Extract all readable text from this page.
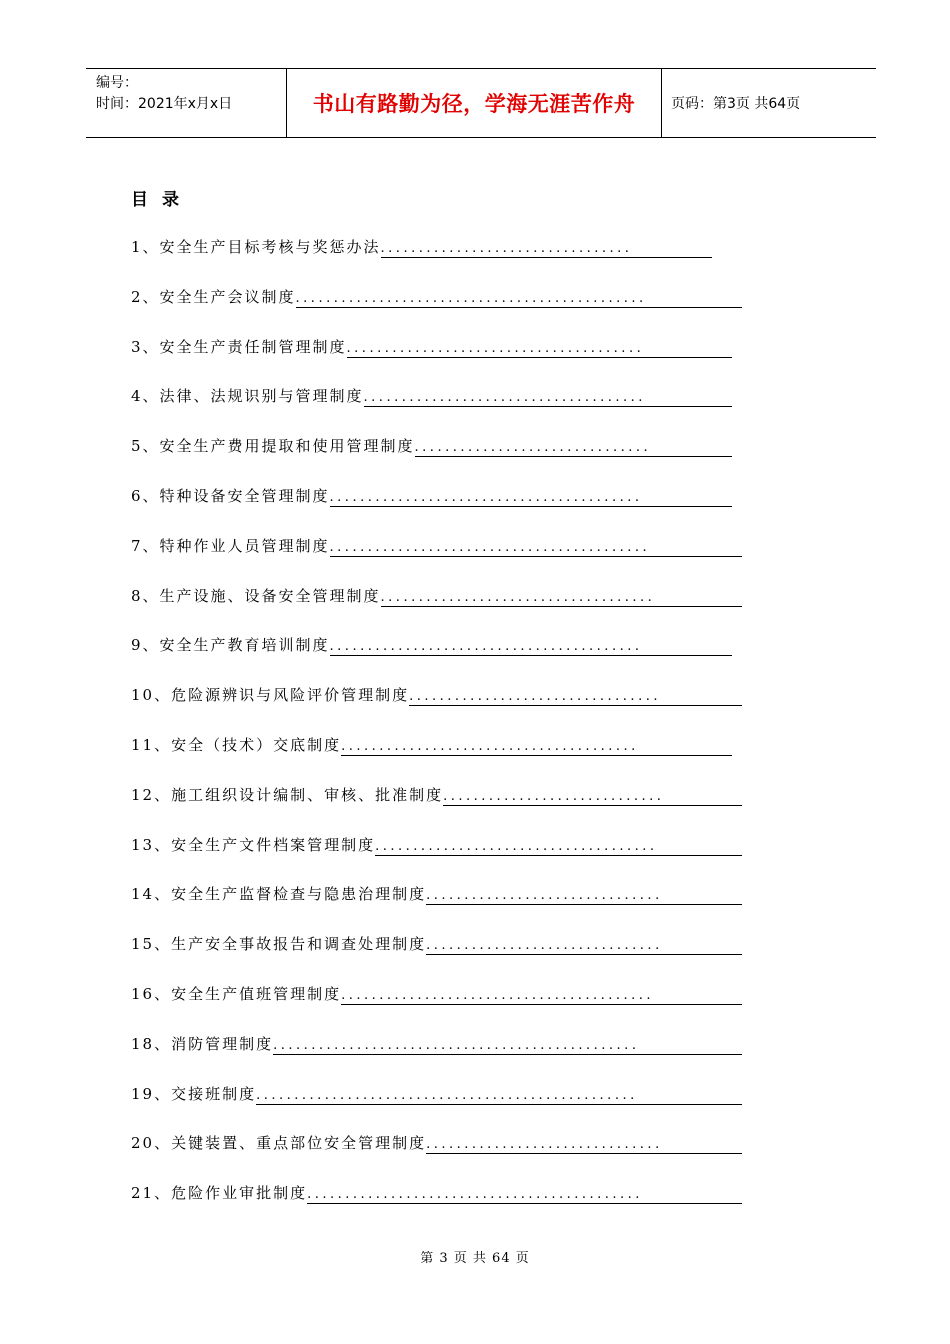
编号：
时间：2021年x月x日	书山有路勤为径，学海无涯苦作舟	页码：第3页 共64页
目录
1、安全生产目标考核与奖惩办法 .................................
2、安全生产会议制度 ..............................................
3、安全生产责任制管理制度 .......................................
4、法律、法规识别与管理制度 .....................................
5、安全生产费用提取和使用管理制度 ...............................
6、特种设备安全管理制度 .........................................
7、特种作业人员管理制度 ..........................................
8、生产设施、设备安全管理制度 ....................................
9、安全生产教育培训制度 .........................................
10、危险源辨识与风险评价管理制度 .................................
11、安全（技术）交底制度 .......................................
12、施工组织设计编制、审核、批准制度 .............................
13、安全生产文件档案管理制度 .....................................
14、安全生产监督检查与隐患治理制度 ...............................
15、生产安全事故报告和调查处理制度 ...............................
16、安全生产值班管理制度 .........................................
18、消防管理制度 ................................................
19、交接班制度 ..................................................
20、关键装置、重点部位安全管理制度 ...............................
21、危险作业审批制度 ............................................
第 3 页 共 64 页
